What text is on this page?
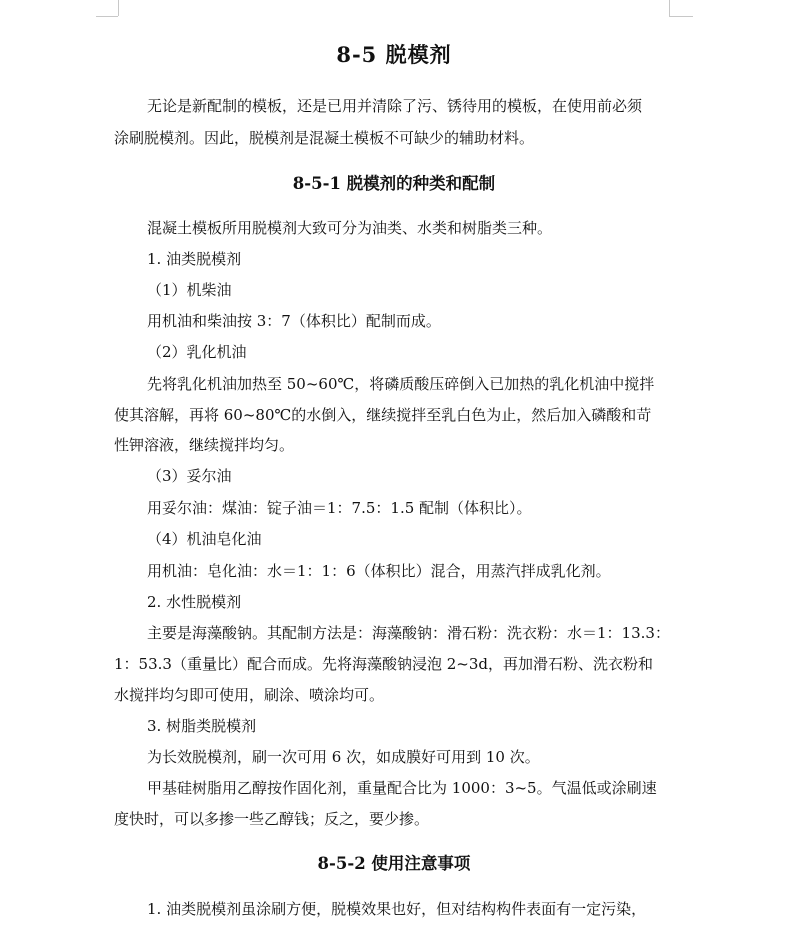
8-5 脱模剂
无论是新配制的模板，还是已用并清除了污、锈待用的模板，在使用前必须
涂刷脱模剂。因此，脱模剂是混凝土模板不可缺少的辅助材料。
8-5-1 脱模剂的种类和配制
混凝土模板所用脱模剂大致可分为油类、水类和树脂类三种。
1. 油类脱模剂
（1）机柴油
用机油和柴油按 3：7（体积比）配制而成。
（2）乳化机油
先将乳化机油加热至 50~60℃，将磷质酸压碎倒入已加热的乳化机油中搅拌
使其溶解，再将 60~80℃的水倒入，继续搅拌至乳白色为止，然后加入磷酸和苛
性钾溶液，继续搅拌均匀。
（3）妥尔油
用妥尔油：煤油：锭子油＝1：7.5：1.5 配制（体积比）。
（4）机油皂化油
用机油：皂化油：水＝1：1：6（体积比）混合，用蒸汽拌成乳化剂。
2. 水性脱模剂
主要是海藻酸钠。其配制方法是：海藻酸钠：滑石粉：洗衣粉：水＝1：13.3：
1：53.3（重量比）配合而成。先将海藻酸钠浸泡 2~3d，再加滑石粉、洗衣粉和
水搅拌均匀即可使用，刷涂、喷涂均可。
3. 树脂类脱模剂
为长效脱模剂，刷一次可用 6 次，如成膜好可用到 10 次。
甲基硅树脂用乙醇按作固化剂，重量配合比为 1000：3~5。气温低或涂刷速
度快时，可以多掺一些乙醇钱；反之，要少掺。
8-5-2 使用注意事项
1. 油类脱模剂虽涂刷方便，脱模效果也好，但对结构构件表面有一定污染，
